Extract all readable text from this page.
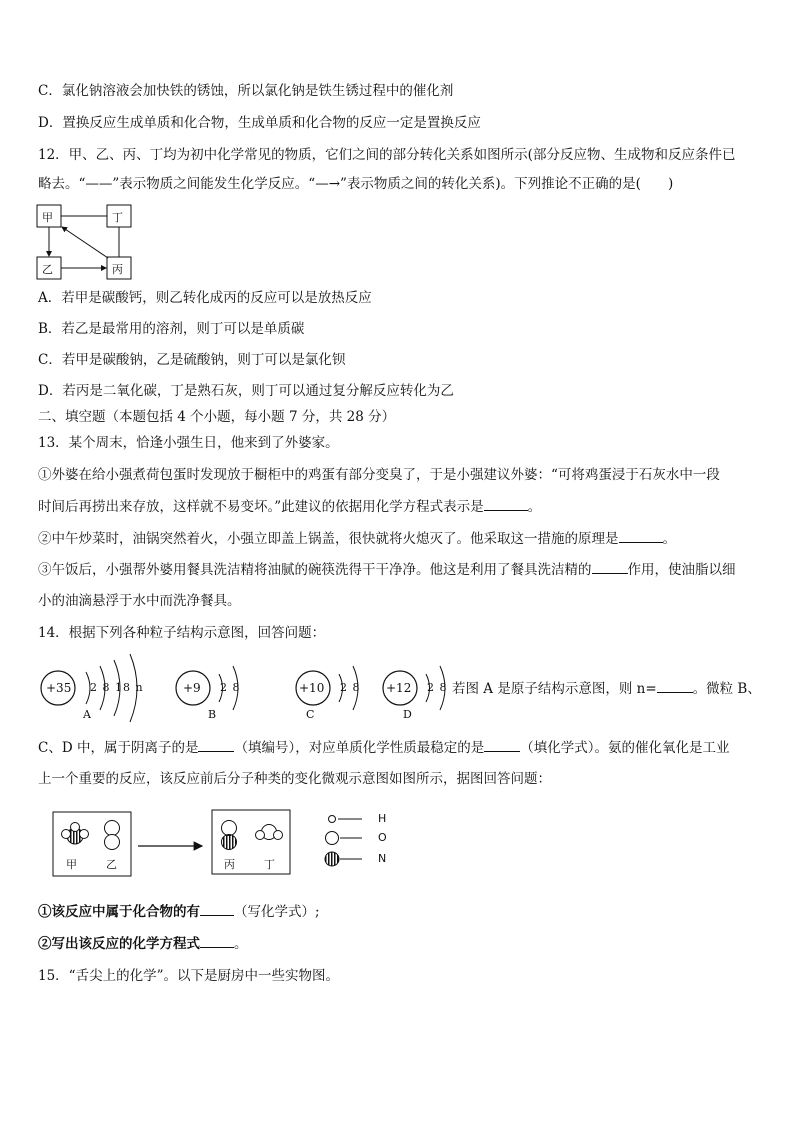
C．氯化钠溶液会加快铁的锈蚀，所以氯化钠是铁生锈过程中的催化剂
D．置换反应生成单质和化合物，生成单质和化合物的反应一定是置换反应
12．甲、乙、丙、丁均为初中化学常见的物质，它们之间的部分转化关系如图所示(部分反应物、生成物和反应条件已
略去。“——”表示物质之间能发生化学反应。“—→”表示物质之间的转化关系)。下列推论不正确的是(　　)
甲	丁
乙	丙
A．若甲是碳酸钙，则乙转化成丙的反应可以是放热反应
B．若乙是最常用的溶剂，则丁可以是单质碳
C．若甲是碳酸钠，乙是硫酸钠，则丁可以是氯化钡
D．若丙是二氧化碳，丁是熟石灰，则丁可以通过复分解反应转化为乙
二、填空题（本题包括 4 个小题，每小题 7 分，共 28 分）
13．某个周末，恰逢小强生日，他来到了外婆家。
①外婆在给小强煮荷包蛋时发现放于橱柜中的鸡蛋有部分变臭了，于是小强建议外婆：“可将鸡蛋浸于石灰水中一段
时间后再捞出来存放，这样就不易变坏。”此建议的依据用化学方程式表示是	。
②中午炒菜时，油锅突然着火，小强立即盖上锅盖，很快就将火熄灭了。他采取这一措施的原理是	。
③午饭后，小强帮外婆用餐具洗洁精将油腻的碗筷洗得干干净净。他这是利用了餐具洗洁精的	作用，使油脂以细
小的油滴悬浮于水中而洗净餐具。
14．根据下列各种粒子结构示意图，回答问题：
+35 2 8 18 n
A
+9 2 8
B
+10 2 8
C
+12 2 8
D
若图 A 是原子结构示意图，则 n=	。微粒 B、
C、D 中，属于阴离子的是	（填编号），对应单质化学性质最稳定的是	（填化学式）。氨的催化氧化是工业
上一个重要的反应，该反应前后分子种类的变化微观示意图如图所示，据图回答问题：
甲	乙	丙	丁
H
O
N
①该反应中属于化合物的有	（写化学式）;
②写出该反应的化学方程式	。
15．“舌尖上的化学”。以下是厨房中一些实物图。
